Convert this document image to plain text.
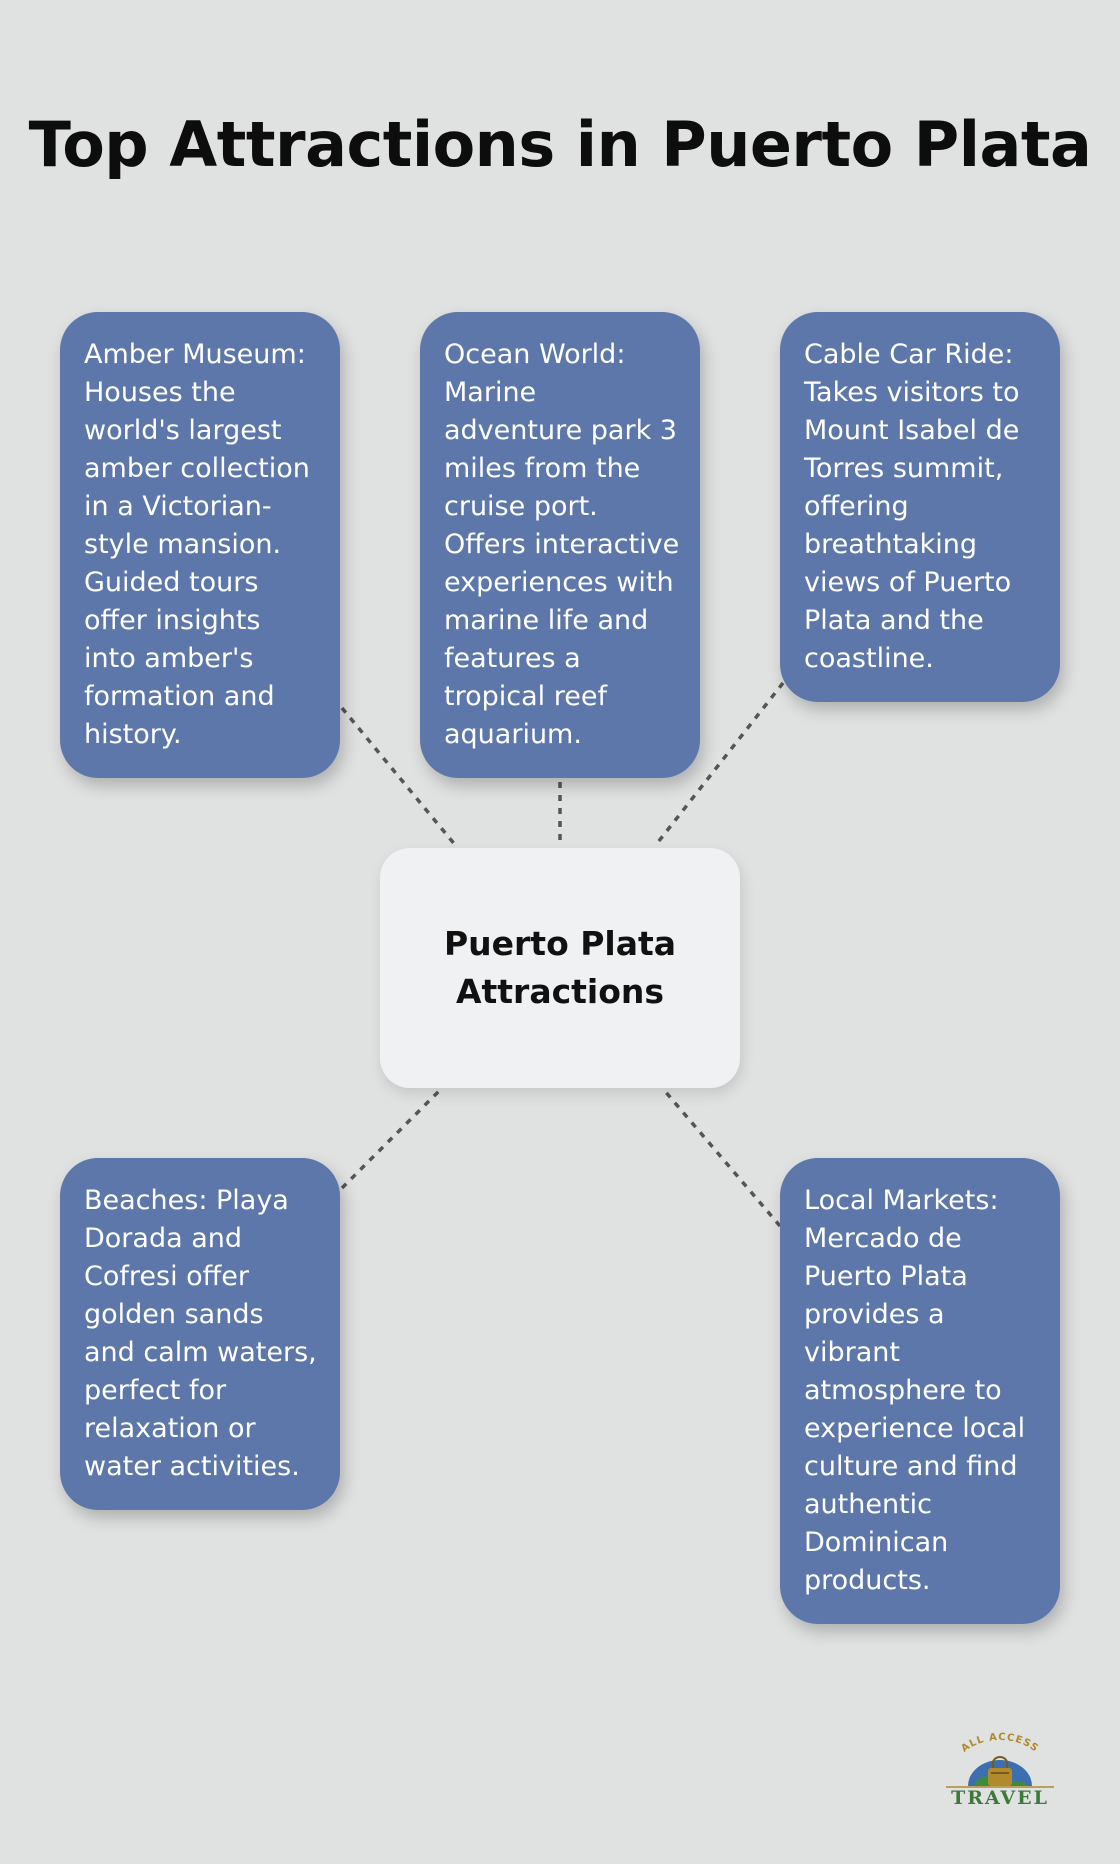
Top Attractions in Puerto Plata
Amber Museum: Houses the world's largest amber collection in a Victorian-style mansion. Guided tours offer insights into amber's formation and history.
Ocean World: Marine adventure park 3 miles from the cruise port. Offers interactive experiences with marine life and features a tropical reef aquarium.
Cable Car Ride: Takes visitors to Mount Isabel de Torres summit, offering breathtaking views of Puerto Plata and the coastline.
Beaches: Playa Dorada and Cofresi offer golden sands and calm waters, perfect for relaxation or water activities.
Local Markets: Mercado de Puerto Plata provides a vibrant atmosphere to experience local culture and find authentic Dominican products.
Puerto Plata Attractions
ALL ACCESS
TRAVEL
